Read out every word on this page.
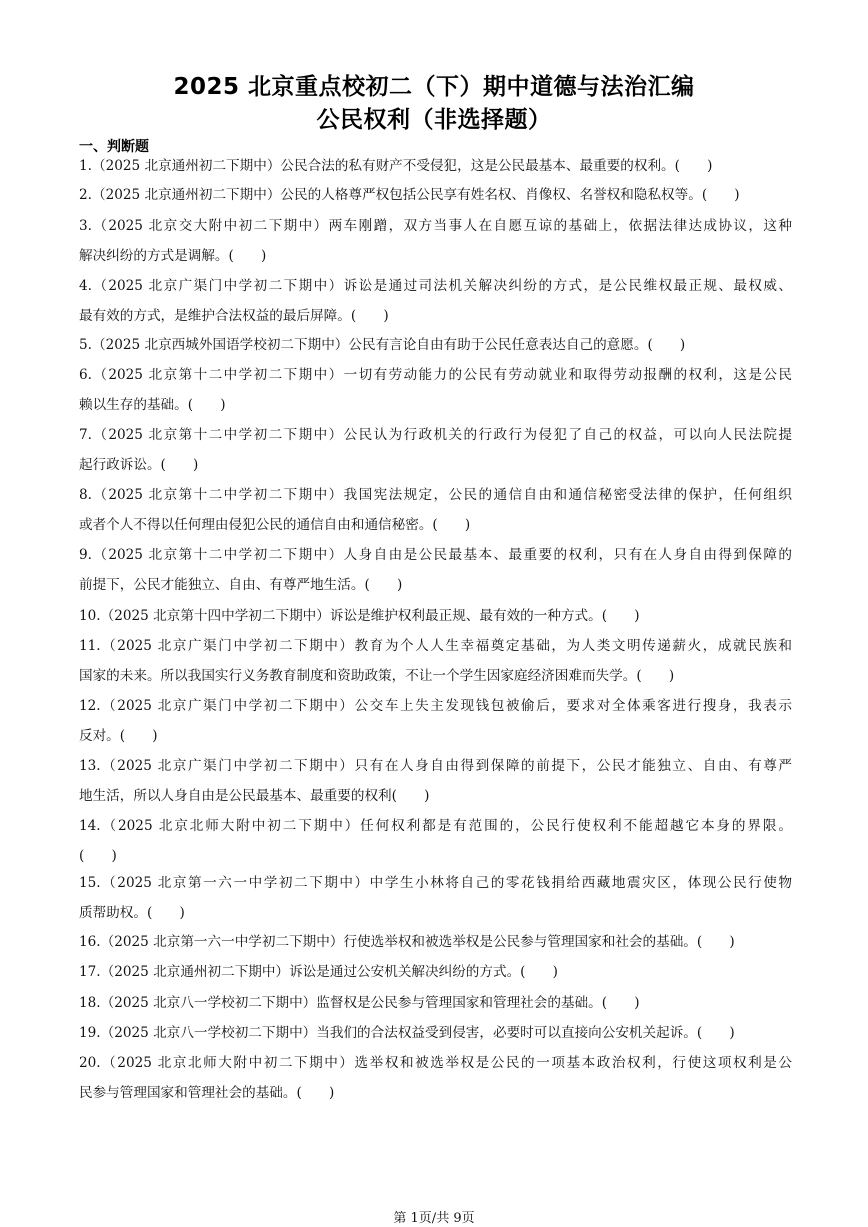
2025 北京重点校初二（下）期中道德与法治汇编
公民权利（非选择题）
一、判断题
1.（2025 北京通州初二下期中）公民合法的私有财产不受侵犯，这是公民最基本、最重要的权利。(　　)
2.（2025 北京通州初二下期中）公民的人格尊严权包括公民享有姓名权、肖像权、名誉权和隐私权等。(　　)
3.（2025 北京交大附中初二下期中）两车刚蹭，双方当事人在自愿互谅的基础上，依据法律达成协议，这种
解决纠纷的方式是调解。(　　)
4.（2025 北京广渠门中学初二下期中）诉讼是通过司法机关解决纠纷的方式，是公民维权最正规、最权威、
最有效的方式，是维护合法权益的最后屏障。(　　)
5.（2025 北京西城外国语学校初二下期中）公民有言论自由有助于公民任意表达自己的意愿。(　　)
6.（2025 北京第十二中学初二下期中）一切有劳动能力的公民有劳动就业和取得劳动报酬的权利，这是公民
赖以生存的基础。(　　)
7.（2025 北京第十二中学初二下期中）公民认为行政机关的行政行为侵犯了自己的权益，可以向人民法院提
起行政诉讼。(　　)
8.（2025 北京第十二中学初二下期中）我国宪法规定，公民的通信自由和通信秘密受法律的保护，任何组织
或者个人不得以任何理由侵犯公民的通信自由和通信秘密。(　　)
9.（2025 北京第十二中学初二下期中）人身自由是公民最基本、最重要的权利，只有在人身自由得到保障的
前提下，公民才能独立、自由、有尊严地生活。(　　)
10.（2025 北京第十四中学初二下期中）诉讼是维护权利最正规、最有效的一种方式。(　　)
11.（2025 北京广渠门中学初二下期中）教育为个人人生幸福奠定基础，为人类文明传递薪火，成就民族和
国家的未来。所以我国实行义务教育制度和资助政策，不让一个学生因家庭经济困难而失学。(　　)
12.（2025 北京广渠门中学初二下期中）公交车上失主发现钱包被偷后，要求对全体乘客进行搜身，我表示
反对。(　　)
13.（2025 北京广渠门中学初二下期中）只有在人身自由得到保障的前提下，公民才能独立、自由、有尊严
地生活，所以人身自由是公民最基本、最重要的权利(　　)
14.（2025 北京北师大附中初二下期中）任何权利都是有范围的，公民行使权利不能超越它本身的界限。
(　　)
15.（2025 北京第一六一中学初二下期中）中学生小林将自己的零花钱捐给西藏地震灾区，体现公民行使物
质帮助权。(　　)
16.（2025 北京第一六一中学初二下期中）行使选举权和被选举权是公民参与管理国家和社会的基础。(　　)
17.（2025 北京通州初二下期中）诉讼是通过公安机关解决纠纷的方式。(　　)
18.（2025 北京八一学校初二下期中）监督权是公民参与管理国家和管理社会的基础。(　　)
19.（2025 北京八一学校初二下期中）当我们的合法权益受到侵害，必要时可以直接向公安机关起诉。(　　)
20.（2025 北京北师大附中初二下期中）选举权和被选举权是公民的一项基本政治权利，行使这项权利是公
民参与管理国家和管理社会的基础。(　　)
第 1页/共 9页
